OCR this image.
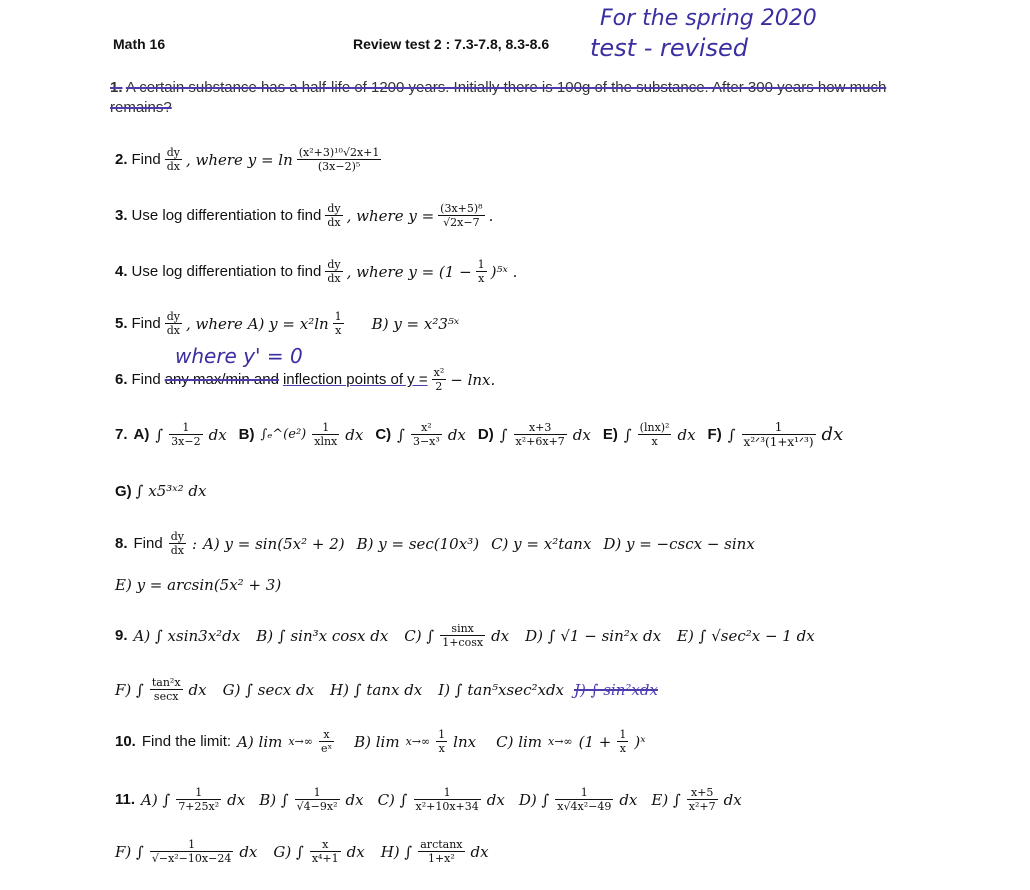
Math 16	Review test 2 : 7.3-7.8, 8.3-8.6
For the spring 2020
test - revised
1. A certain substance has a half-life of 1200 years. Initially there is 100g of the substance. After 300 years how much remains?
2. Find $\frac{dy}{dx}$ , where $y = \ln \frac{\text{(x²+3)¹⁰√2x+1}}{\text{(3x−2)⁵}}$
3. Use log differentiation to find $\frac{dy}{dx}$ , where $y = \frac{\text{(3x+5)⁸}}{√2x-7}$ .
4. Use log differentiation to find $\frac{dy}{dx}$ , where $y = (1 - \frac{1}{x}$ )⁵ˣ .
5. Find $\frac{dy}{dx}$ , where A) $y = x^2\ln \frac{1}{x} B$) y = x²3⁵ˣ
where y' = 0
6. Find any max/min and inflection points of $y = \frac{\text{x²}}{2} - \ln x$.
7. A) ∫ $\frac{1}{3x-2}$ dx B) ∫ₑ^(e²) $\frac{1}{xlnx}$ dx C) ∫ $\frac{\text{x²}}{\text{3−x³}}$ dx D) ∫ $\frac{x+3}{\text{x²+6x+7}}$ dx E) ∫ $\frac{\text{(lnx)²}}{x}$ dx F) ∫ $\frac{1}{\text{x²ᐟ³(1+x¹ᐟ³)}}$ dx
G) ∫ x5³ˣ² dx
8. Find $\frac{dy}{dx}$ : A) y = sin(5x² + 2) B) y = sec(10x³) C) y = x²tanx D) y = −cscx − sinx
E) y = arcsin(5x² + 3)
9. A) ∫ xsin3x²dx B) ∫ sin³x cosx dx C) ∫ $\frac{\sin x}{1+\cos x}$ dx D) ∫ √1 − sin²x dx E) ∫ √sec²x − 1 dx
F) ∫ $\frac{\text{tan²x}}{\sec x}$ dx G) ∫ secx dx H) ∫ tanx dx I) ∫ tan⁵xsec²xdx J) ∫ sin²xdx
10. Find the limit: A) $\lim x\to\infty \frac{x}{\text{eˣ}} B$) $\lim x\to\infty \frac{1}{x}$ lnx C) lim x→∞ ($1 + \frac{1}{x}$ )ˣ
11. A) ∫ $\frac{1}{\text{7+25x²}}$ dx B) ∫ $\frac{1}{\text{√4−9x²}}$ dx C) ∫ $\frac{1}{\text{x²+10x+34}}$ dx D) ∫ $\frac{1}{\text{x√4x²−49}}$ dx E) ∫ $\frac{x+5}{\text{x²+7}}$ dx
F) ∫ $\frac{1}{\text{√−x²−10x−24}}$ dx G) ∫ $\frac{x}{\text{x⁴+1}}$ dx H) ∫ $\frac{\arctan x}{\text{1+x²}}$ dx
